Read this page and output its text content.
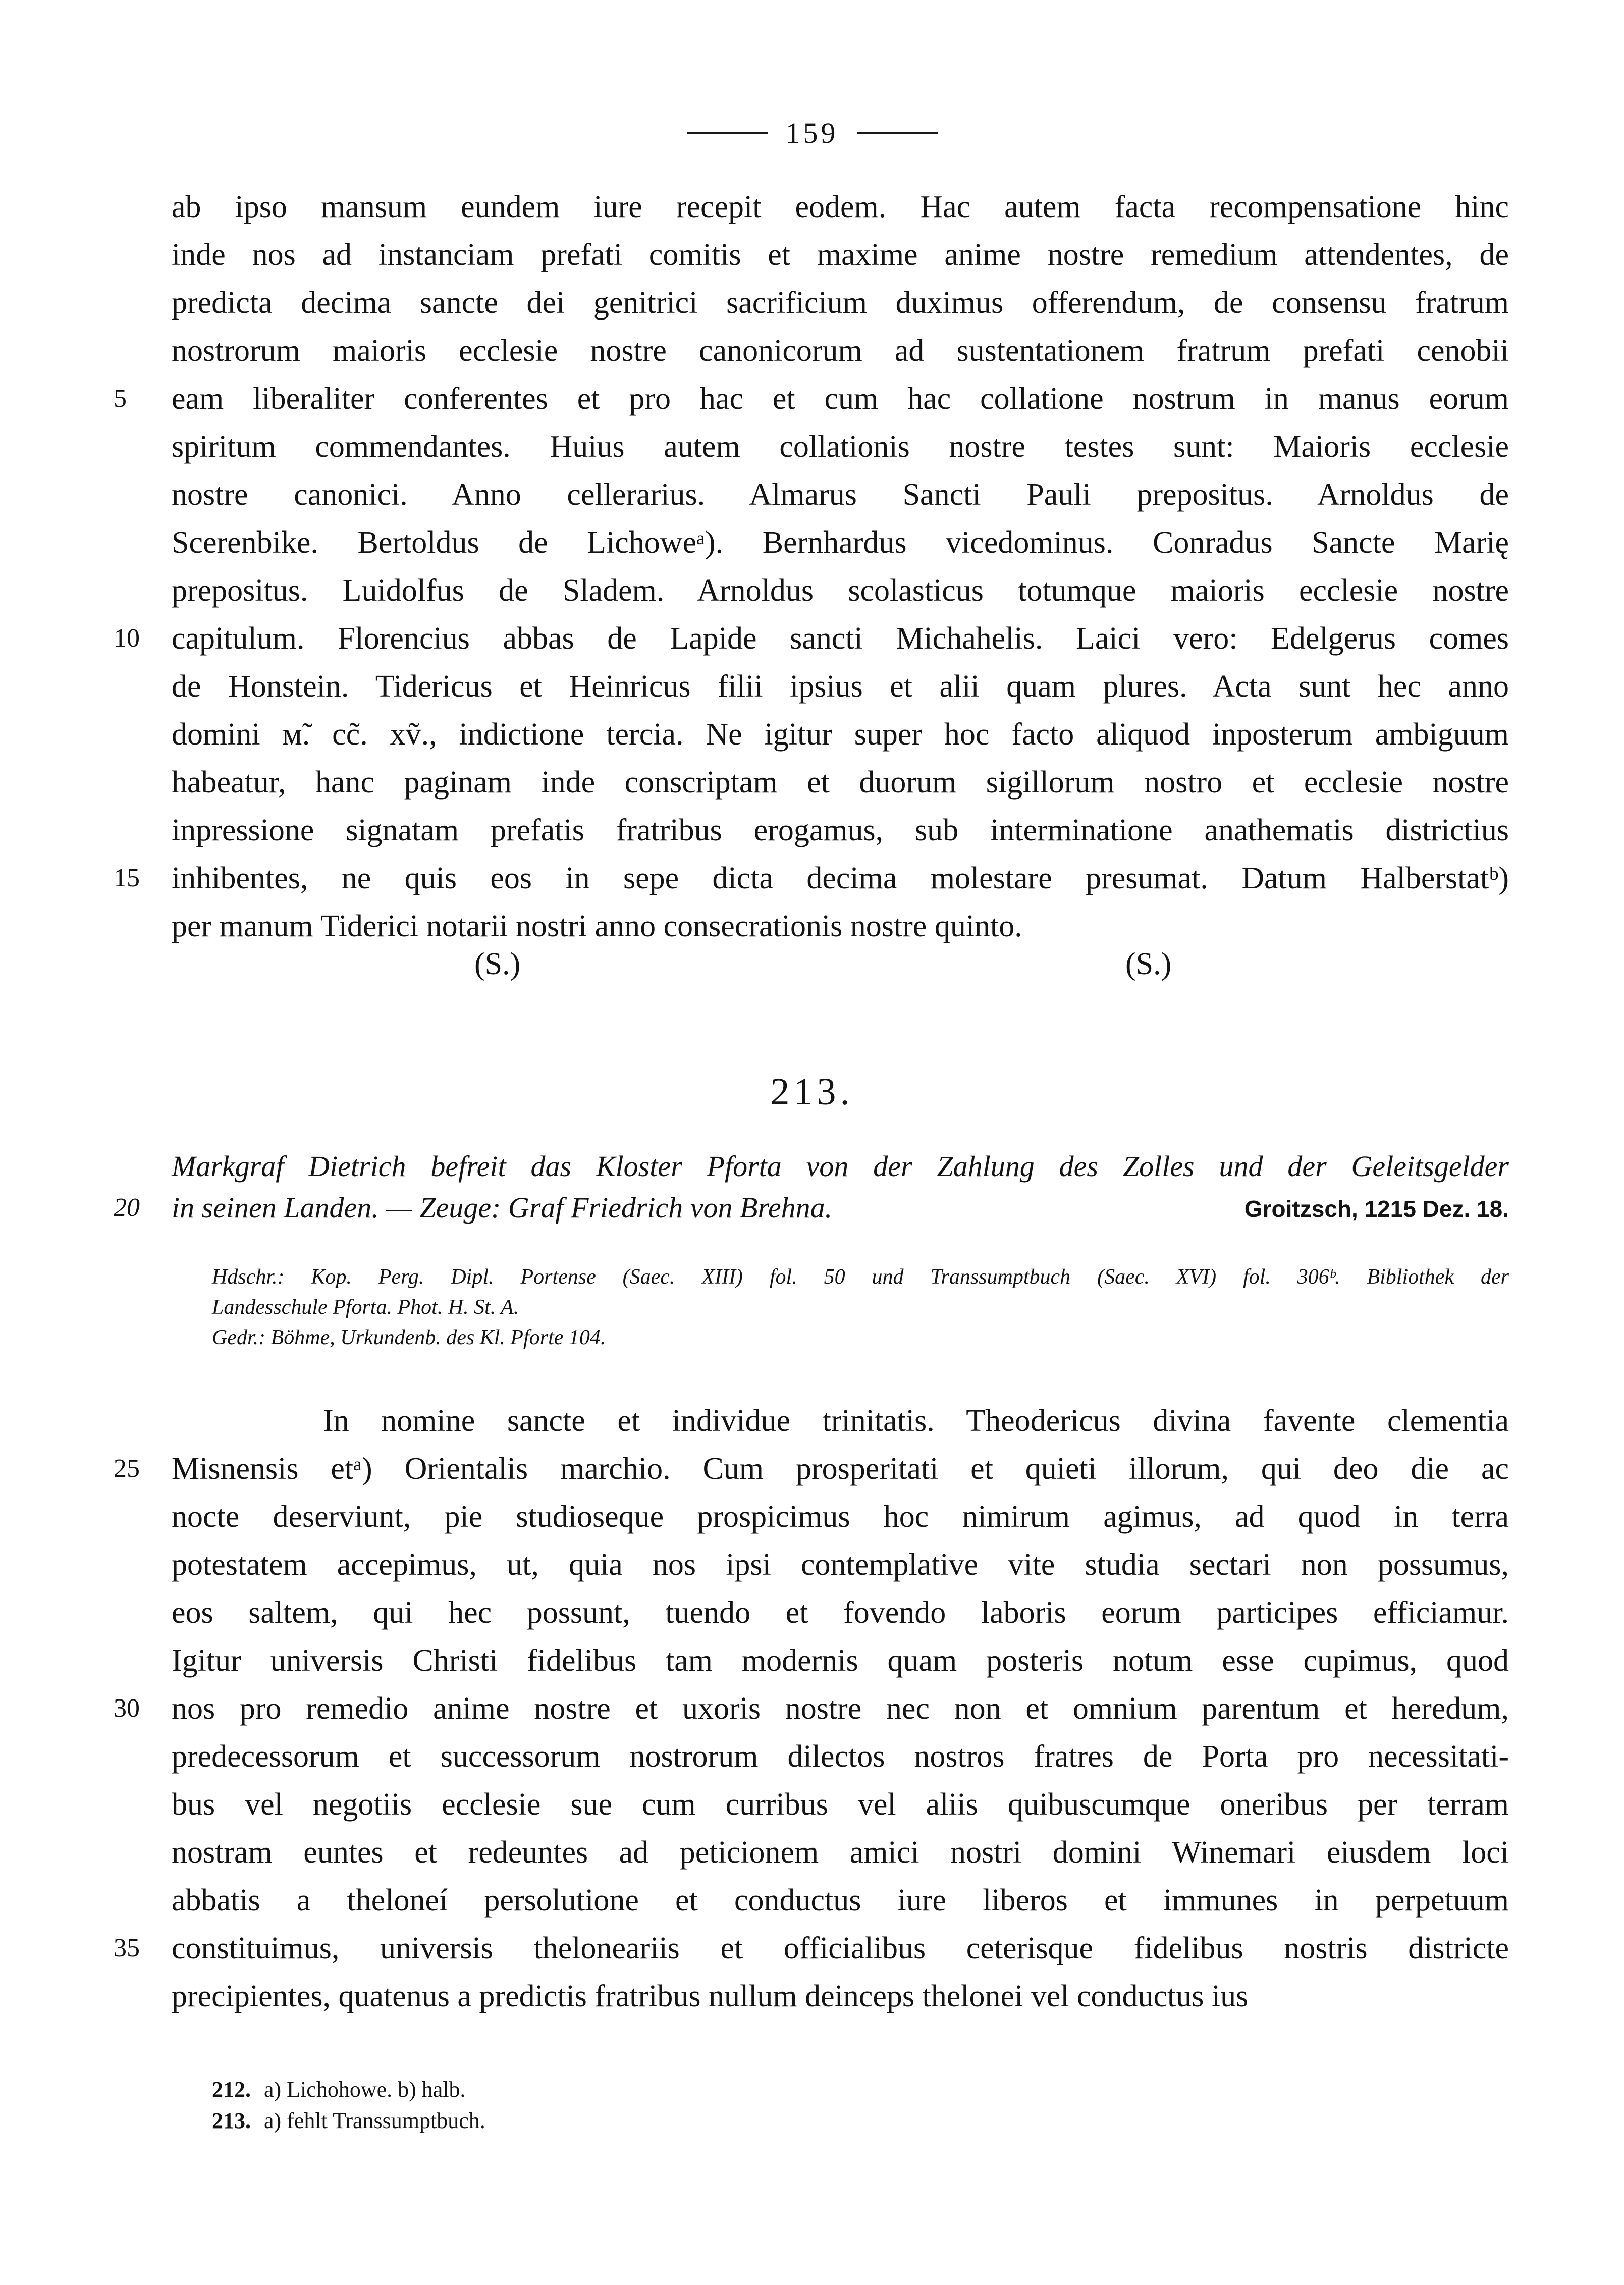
159
ab ipso mansum eundem iure recepit eodem. Hac autem facta recompensatione hinc
inde nos ad instanciam prefati comitis et maxime anime nostre remedium attendentes, de
predicta decima sancte dei genitrici sacrificium duximus offerendum, de consensu fratrum
nostrorum maioris ecclesie nostre canonicorum ad sustentationem fratrum prefati cenobii
5	eam liberaliter conferentes et pro hac et cum hac collatione nostrum in manus eorum
spiritum commendantes. Huius autem collationis nostre testes sunt: Maioris ecclesie
nostre canonici. Anno cellerarius. Almarus Sancti Pauli prepositus. Arnoldus de
Scerenbike. Bertoldus de Lichoweᵃ). Bernhardus vicedominus. Conradus Sancte Marię
prepositus. Luidolfus de Sladem. Arnoldus scolasticus totumque maioris ecclesie nostre
10	capitulum. Florencius abbas de Lapide sancti Michahelis. Laici vero: Edelgerus comes
de Honstein. Tidericus et Heinricus filii ipsius et alii quam plures. Acta sunt hec anno
domini ᴍ̃. cc̃. xṽ., indictione tercia. Ne igitur super hoc facto aliquod inposterum ambiguum
habeatur, hanc paginam inde conscriptam et duorum sigillorum nostro et ecclesie nostre
inpressione signatam prefatis fratribus erogamus, sub interminatione anathematis districtius
15	inhibentes, ne quis eos in sepe dicta decima molestare presumat. Datum Halberstatᵇ)
per manum Tiderici notarii nostri anno consecrationis nostre quinto.
(S.)	(S.)
213.
Markgraf Dietrich befreit das Kloster Pforta von der Zahlung des Zolles und der Geleitsgelder
20	in seinen Landen. — Zeuge: Graf Friedrich von Brehna.	Groitzsch, 1215 Dez. 18.
Hdschr.: Kop. Perg. Dipl. Portense (Saec. XIII) fol. 50 und Transsumptbuch (Saec. XVI) fol. 306ᵇ. Bibliothek der
Landesschule Pforta. Phot. H. St. A.
Gedr.: Böhme, Urkundenb. des Kl. Pforte 104.
In nomine sancte et individue trinitatis. Theodericus divina favente clementia
25	Misnensis etᵃ) Orientalis marchio. Cum prosperitati et quieti illorum, qui deo die ac
nocte deserviunt, pie studioseque prospicimus hoc nimirum agimus, ad quod in terra
potestatem accepimus, ut, quia nos ipsi contemplative vite studia sectari non possumus,
eos saltem, qui hec possunt, tuendo et fovendo laboris eorum participes efficiamur.
Igitur universis Christi fidelibus tam modernis quam posteris notum esse cupimus, quod
30	nos pro remedio anime nostre et uxoris nostre nec non et omnium parentum et heredum,
predecessorum et successorum nostrorum dilectos nostros fratres de Porta pro necessitati-
bus vel negotiis ecclesie sue cum curribus vel aliis quibuscumque oneribus per terram
nostram euntes et redeuntes ad peticionem amici nostri domini Winemari eiusdem loci
abbatis a theloneí persolutione et conductus iure liberos et immunes in perpetuum
35	constituimus, universis theloneariis et officialibus ceterisque fidelibus nostris districte
precipientes, quatenus a predictis fratribus nullum deinceps thelonei vel conductus ius
212. a) Lichohowe. b) halb.
213. a) fehlt Transsumptbuch.
